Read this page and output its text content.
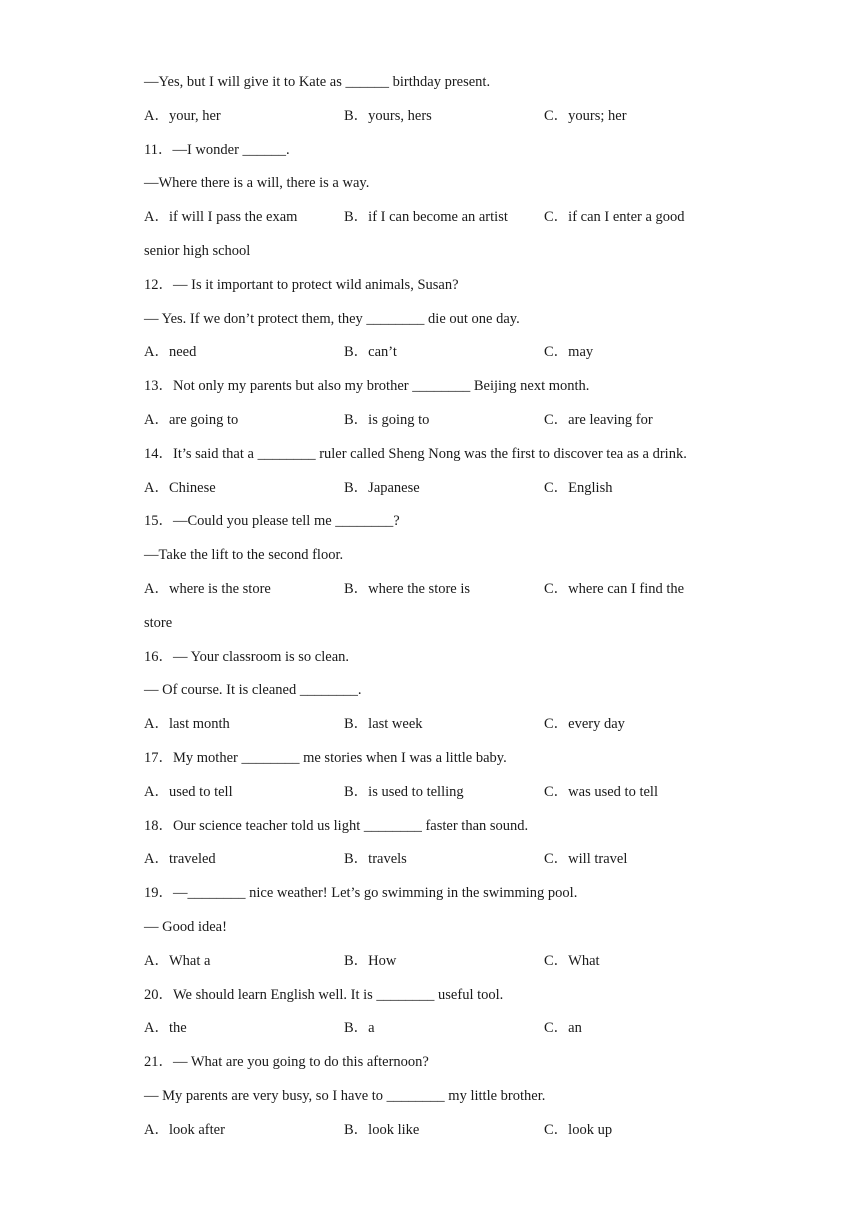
—Yes, but I will give it to Kate as ______ birthday present.
A．your, her	B．yours, hers	C．yours; her
11．—I wonder ______.
—Where there is a will, there is a way.
A．if will I pass the exam	B．if I can become an artist C．if can I enter a good
senior high school
12．— Is it important to protect wild animals, Susan?
— Yes. If we don’t protect them, they ________ die out one day.
A．need	B．can’t	C．may
13．Not only my parents but also my brother ________ Beijing next month.
A．are going to	B．is going to	C．are leaving for
14．It’s said that a ________ ruler called Sheng Nong was the first to discover tea as a drink.
A．Chinese	B．Japanese	C．English
15．—Could you please tell me ________?
—Take the lift to the second floor.
A．where is the store	B．where the store is	C．where can I find the
store
16．— Your classroom is so clean.
— Of course. It is cleaned ________.
A．last month	B．last week	C．every day
17．My mother ________ me stories when I was a little baby.
A．used to tell	B．is used to telling	C．was used to tell
18．Our science teacher told us light ________ faster than sound.
A．traveled	B．travels	C．will travel
19．—________ nice weather! Let’s go swimming in the swimming pool.
— Good idea!
A．What a	B．How	C．What
20．We should learn English well. It is ________ useful tool.
A．the	B．a	C．an
21．— What are you going to do this afternoon?
— My parents are very busy, so I have to ________ my little brother.
A．look after	B．look like	C．look up
